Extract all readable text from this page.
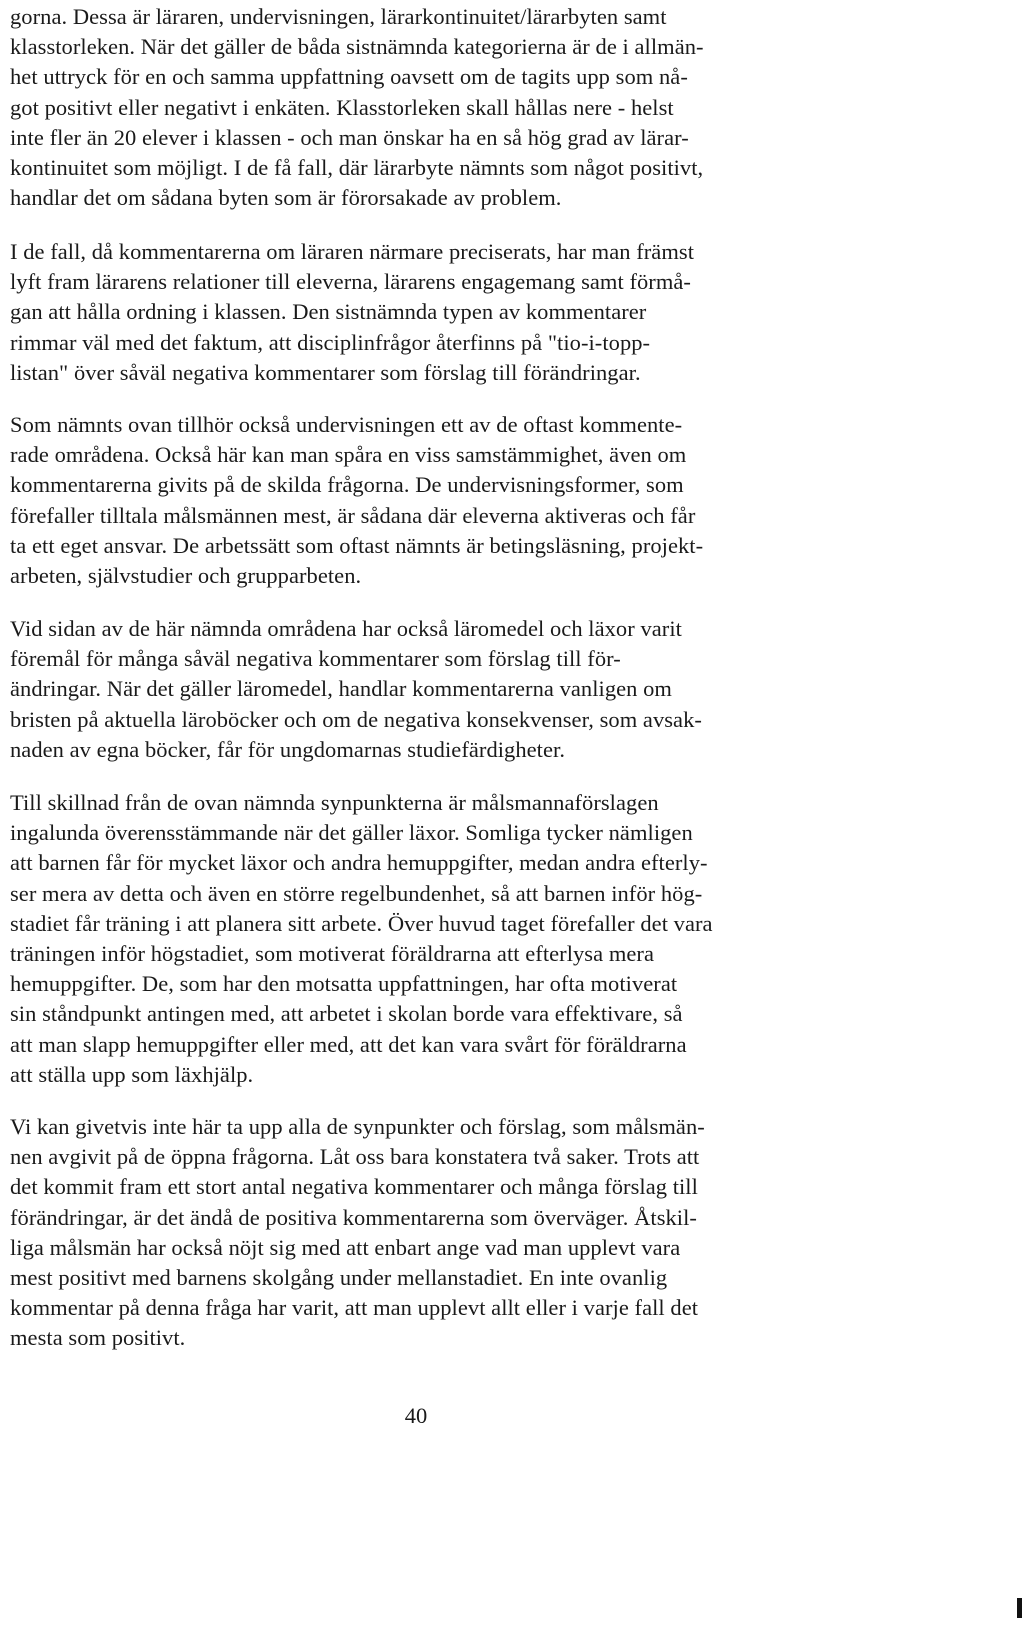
gorna. Dessa är läraren, undervisningen, lärarkontinuitet/lärarbyten samt
klasstorleken. När det gäller de båda sistnämnda kategorierna är de i allmän-
het uttryck för en och samma uppfattning oavsett om de tagits upp som nå-
got positivt eller negativt i enkäten. Klasstorleken skall hållas nere - helst
inte fler än 20 elever i klassen - och man önskar ha en så hög grad av lärar-
kontinuitet som möjligt. I de få fall, där lärarbyte nämnts som något positivt,
handlar det om sådana byten som är förorsakade av problem.
I de fall, då kommentarerna om läraren närmare preciserats, har man främst
lyft fram lärarens relationer till eleverna, lärarens engagemang samt förmå-
gan att hålla ordning i klassen. Den sistnämnda typen av kommentarer
rimmar väl med det faktum, att disciplinfrågor återfinns på "tio-i-topp-
listan" över såväl negativa kommentarer som förslag till förändringar.
Som nämnts ovan tillhör också undervisningen ett av de oftast kommente-
rade områdena. Också här kan man spåra en viss samstämmighet, även om
kommentarerna givits på de skilda frågorna. De undervisningsformer, som
förefaller tilltala målsmännen mest, är sådana där eleverna aktiveras och får
ta ett eget ansvar. De arbetssätt som oftast nämnts är betingsläsning, projekt-
arbeten, självstudier och grupparbeten.
Vid sidan av de här nämnda områdena har också läromedel och läxor varit
föremål för många såväl negativa kommentarer som förslag till för-
ändringar. När det gäller läromedel, handlar kommentarerna vanligen om
bristen på aktuella läroböcker och om de negativa konsekvenser, som avsak-
naden av egna böcker, får för ungdomarnas studiefärdigheter.
Till skillnad från de ovan nämnda synpunkterna är målsmannaförslagen
ingalunda överensstämmande när det gäller läxor. Somliga tycker nämligen
att barnen får för mycket läxor och andra hemuppgifter, medan andra efterly-
ser mera av detta och även en större regelbundenhet, så att barnen inför hög-
stadiet får träning i att planera sitt arbete. Över huvud taget förefaller det vara
träningen inför högstadiet, som motiverat föräldrarna att efterlysa mera
hemuppgifter. De, som har den motsatta uppfattningen, har ofta motiverat
sin ståndpunkt antingen med, att arbetet i skolan borde vara effektivare, så
att man slapp hemuppgifter eller med, att det kan vara svårt för föräldrarna
att ställa upp som läxhjälp.
Vi kan givetvis inte här ta upp alla de synpunkter och förslag, som målsmän-
nen avgivit på de öppna frågorna. Låt oss bara konstatera två saker. Trots att
det kommit fram ett stort antal negativa kommentarer och många förslag till
förändringar, är det ändå de positiva kommentarerna som överväger. Åtskil-
liga målsmän har också nöjt sig med att enbart ange vad man upplevt vara
mest positivt med barnens skolgång under mellanstadiet. En inte ovanlig
kommentar på denna fråga har varit, att man upplevt allt eller i varje fall det
mesta som positivt.
40
